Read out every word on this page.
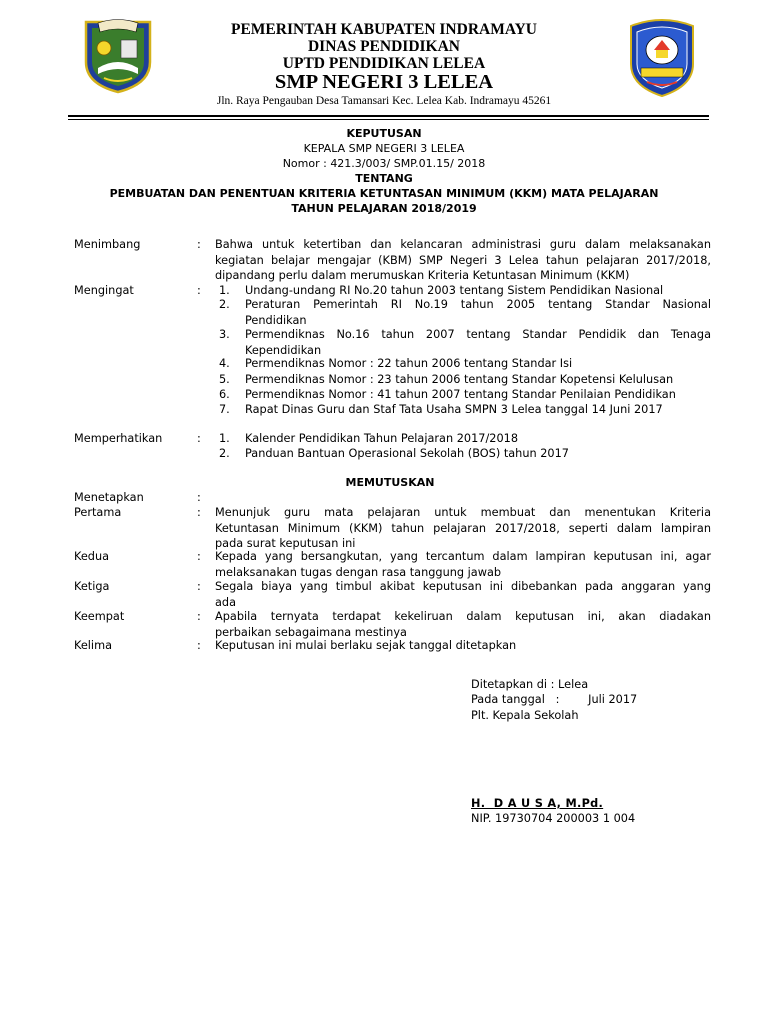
PEMERINTAH KABUPATEN INDRAMAYU
DINAS PENDIDIKAN
UPTD PENDIDIKAN LELEA
SMP NEGERI 3 LELEA
Jln. Raya Pengauban Desa Tamansari Kec. Lelea Kab. Indramayu 45261
KEPUTUSAN
KEPALA SMP NEGERI 3 LELEA
Nomor : 421.3/003/ SMP.01.15/ 2018
TENTANG
PEMBUATAN DAN PENENTUAN KRITERIA KETUNTASAN MINIMUM (KKM) MATA PELAJARAN
TAHUN PELAJARAN 2018/2019
Menimbang	: Bahwa untuk ketertiban dan kelancaran administrasi guru dalam melaksanakan
kegiatan belajar mengajar (KBM) SMP Negeri 3 Lelea tahun pelajaran 2017/2018,
dipandang perlu dalam merumuskan Kriteria Ketuntasan Minimum (KKM)
Mengingat	: 1. Undang-undang RI No.20 tahun 2003 tentang Sistem Pendidikan Nasional
2. Peraturan Pemerintah RI No.19 tahun 2005 tentang Standar Nasional
Pendidikan
3. Permendiknas No.16 tahun 2007 tentang Standar Pendidik dan Tenaga
Kependidikan
4. Permendiknas Nomor : 22 tahun 2006 tentang Standar Isi
5. Permendiknas Nomor : 23 tahun 2006 tentang Standar Kopetensi Kelulusan
6. Permendiknas Nomor : 41 tahun 2007 tentang Standar Penilaian Pendidikan
7. Rapat Dinas Guru dan Staf Tata Usaha SMPN 3 Lelea tanggal 14 Juni 2017
Memperhatikan	: 1. Kalender Pendidikan Tahun Pelajaran 2017/2018
2. Panduan Bantuan Operasional Sekolah (BOS) tahun 2017
MEMUTUSKAN
Menetapkan	:
Pertama	: Menunjuk guru mata pelajaran untuk membuat dan menentukan Kriteria
Ketuntasan Minimum (KKM) tahun pelajaran 2017/2018, seperti dalam lampiran
pada surat keputusan ini
Kedua	: Kepada yang bersangkutan, yang tercantum dalam lampiran keputusan ini, agar
melaksanakan tugas dengan rasa tanggung jawab
Ketiga	: Segala biaya yang timbul akibat keputusan ini dibebankan pada anggaran yang
ada
Keempat	: Apabila ternyata terdapat kekeliruan dalam keputusan ini, akan diadakan
perbaikan sebagaimana mestinya
Kelima	: Keputusan ini mulai berlaku sejak tanggal ditetapkan
Ditetapkan di : Lelea
Pada tanggal   :        Juli 2017
Plt. Kepala Sekolah
H.  D A U S A, M.Pd.
NIP. 19730704 200003 1 004
